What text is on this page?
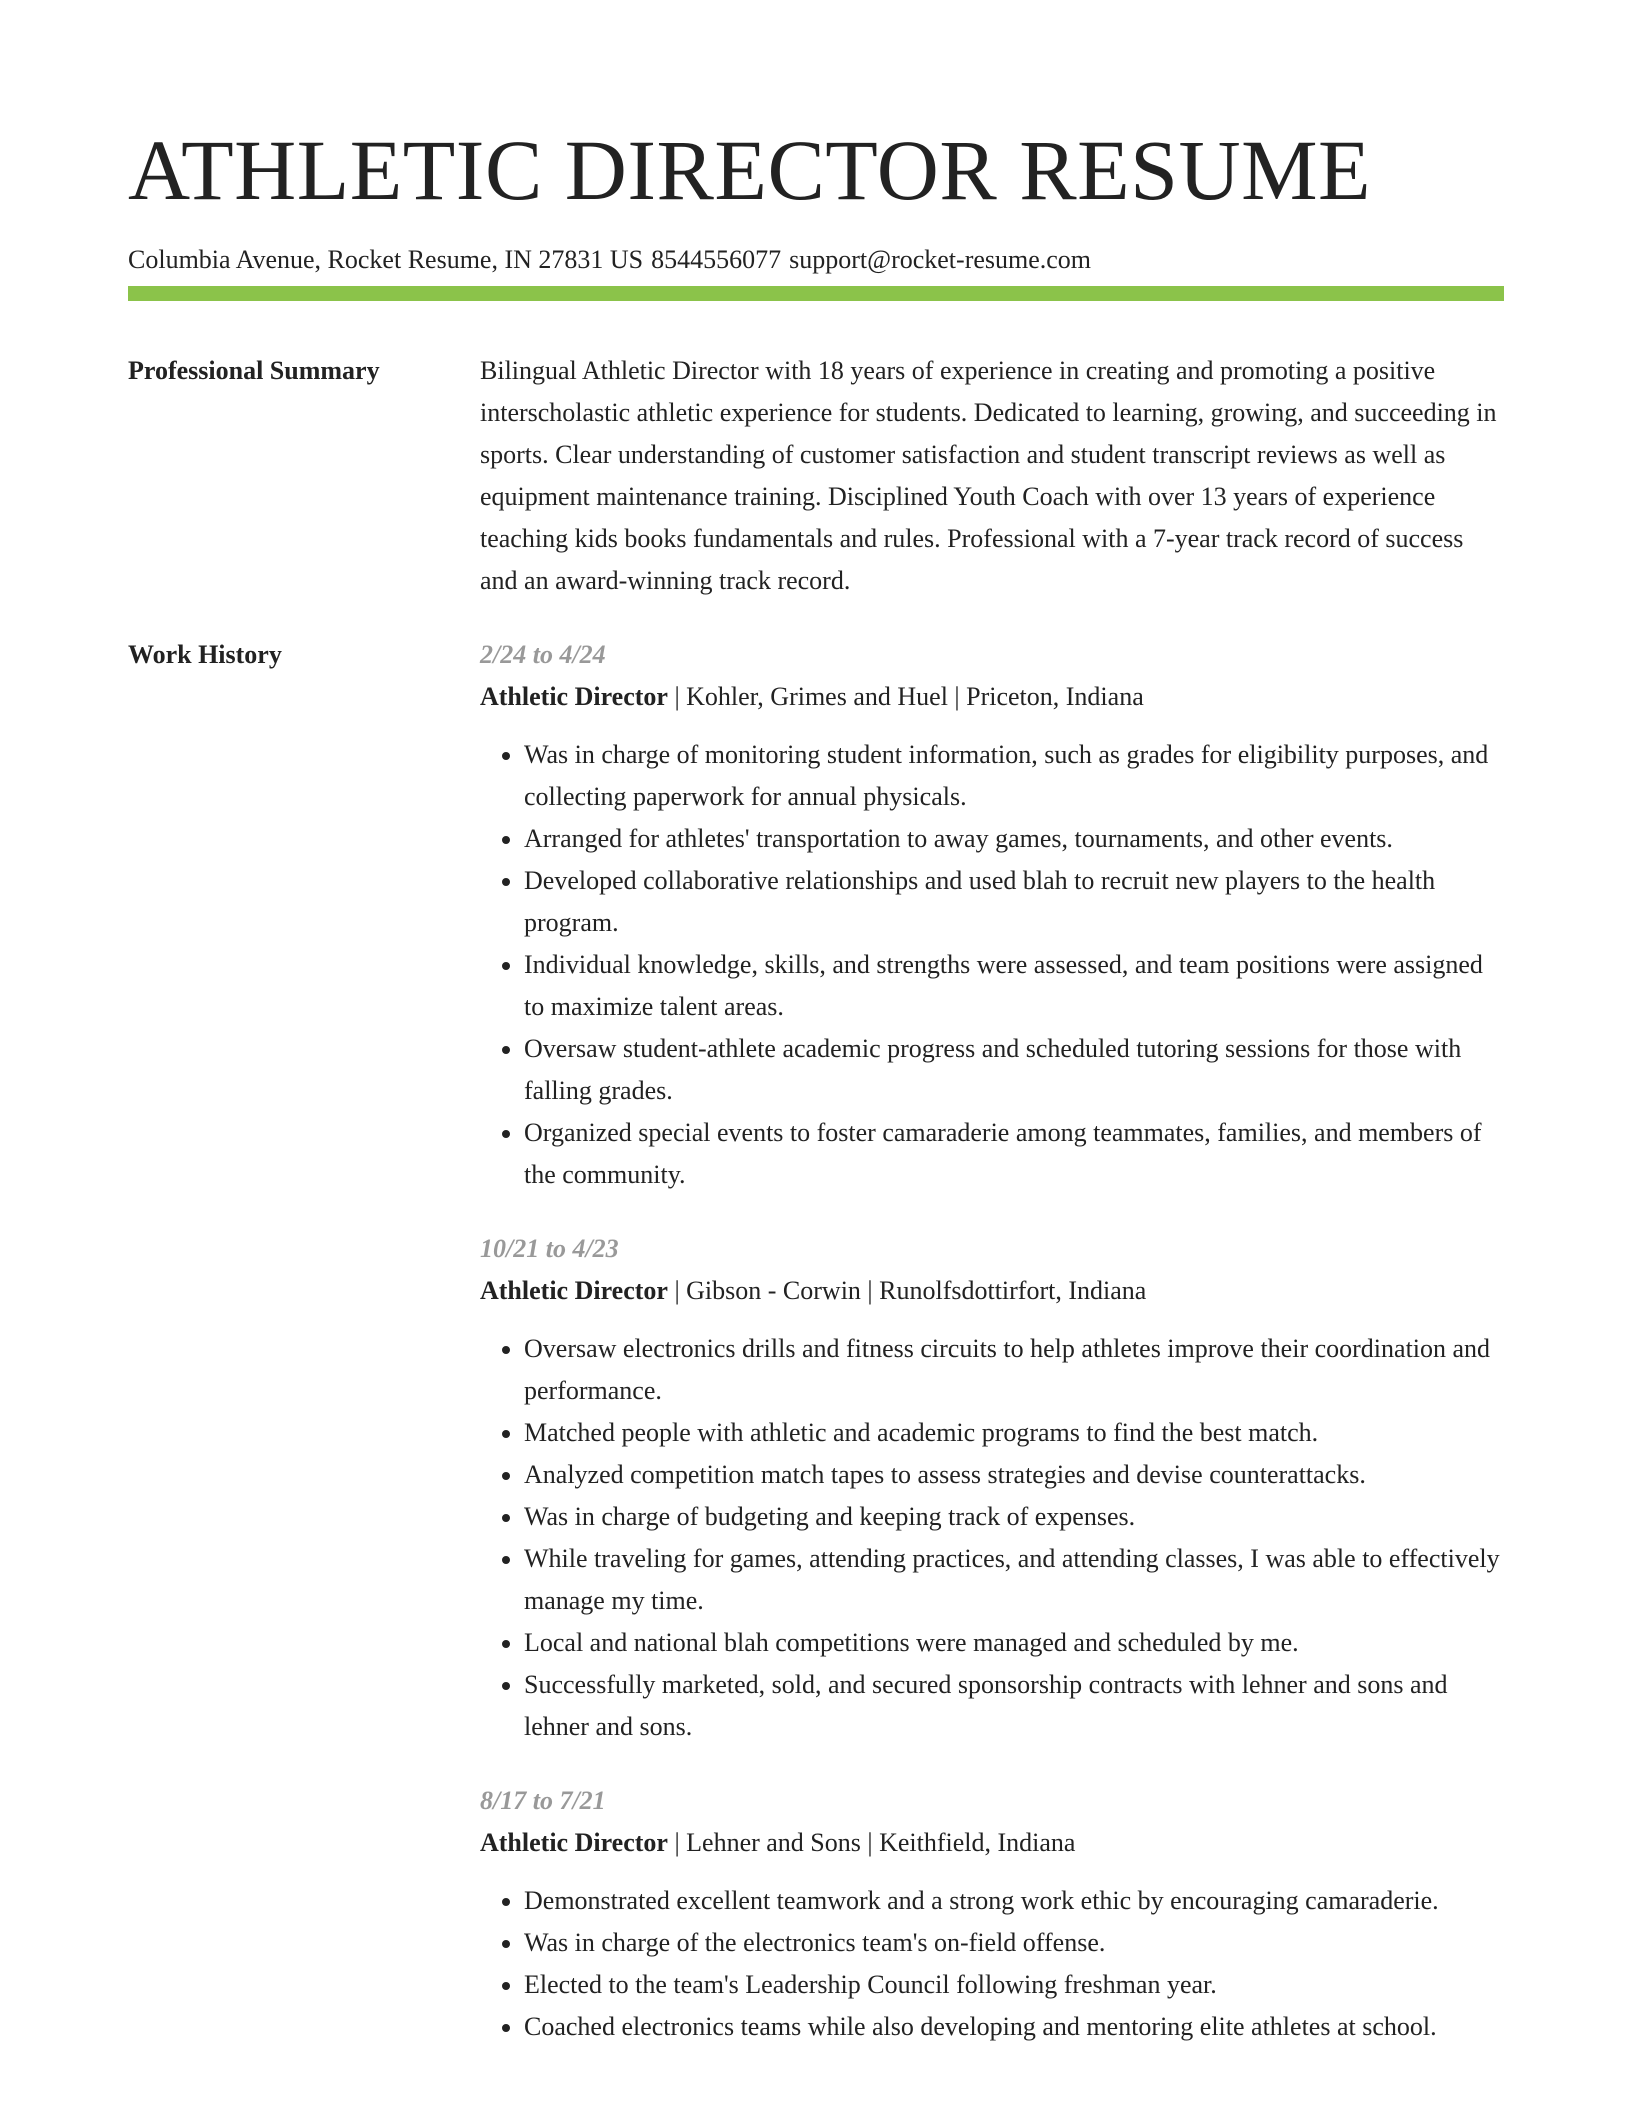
ATHLETIC DIRECTOR RESUME
Columbia Avenue, Rocket Resume, IN 27831 US 8544556077 support@rocket-resume.com
Professional Summary	Bilingual Athletic Director with 18 years of experience in creating and promoting a positive interscholastic athletic experience for students. Dedicated to learning, growing, and succeeding in sports. Clear understanding of customer satisfaction and student transcript reviews as well as equipment maintenance training. Disciplined Youth Coach with over 13 years of experience teaching kids books fundamentals and rules. Professional with a 7-year track record of success and an award-winning track record.

Work History	2/24 to 4/24
Athletic Director | Kohler, Grimes and Huel | Priceton, Indiana
• Was in charge of monitoring student information, such as grades for eligibility purposes, and collecting paperwork for annual physicals.
• Arranged for athletes' transportation to away games, tournaments, and other events.
• Developed collaborative relationships and used blah to recruit new players to the health program.
• Individual knowledge, skills, and strengths were assessed, and team positions were assigned to maximize talent areas.
• Oversaw student-athlete academic progress and scheduled tutoring sessions for those with falling grades.
• Organized special events to foster camaraderie among teammates, families, and members of the community.
10/21 to 4/23
Athletic Director | Gibson - Corwin | Runolfsdottirfort, Indiana
• Oversaw electronics drills and fitness circuits to help athletes improve their coordination and performance.
• Matched people with athletic and academic programs to find the best match.
• Analyzed competition match tapes to assess strategies and devise counterattacks.
• Was in charge of budgeting and keeping track of expenses.
• While traveling for games, attending practices, and attending classes, I was able to effectively manage my time.
• Local and national blah competitions were managed and scheduled by me.
• Successfully marketed, sold, and secured sponsorship contracts with lehner and sons and lehner and sons.
8/17 to 7/21
Athletic Director | Lehner and Sons | Keithfield, Indiana
• Demonstrated excellent teamwork and a strong work ethic by encouraging camaraderie.
• Was in charge of the electronics team's on-field offense.
• Elected to the team's Leadership Council following freshman year.
• Coached electronics teams while also developing and mentoring elite athletes at school.
